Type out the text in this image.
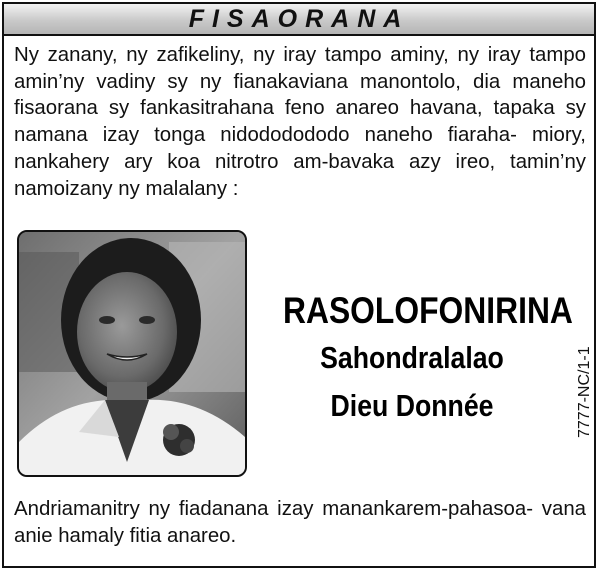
FISAORANA

Ny zanany, ny zafikeliny, ny iray tampo aminy, ny iray tampo amin’ny vadiny sy ny fianakaviana manontolo, dia maneho fisaorana sy fankasitrahana feno anareo havana, tapaka sy namana izay tonga nidododododo naneho fiaraha- miory, nankahery ary koa nitrotro am-bavaka azy ireo, tamin’ny namoizany ny malalany :

RASOLOFONIRINA
Sahondralalao
Dieu Donnée	7777-NC/1-1

Andriamanitry ny fiadanana izay manankarem-pahasoa- vana anie hamaly fitia anareo.
